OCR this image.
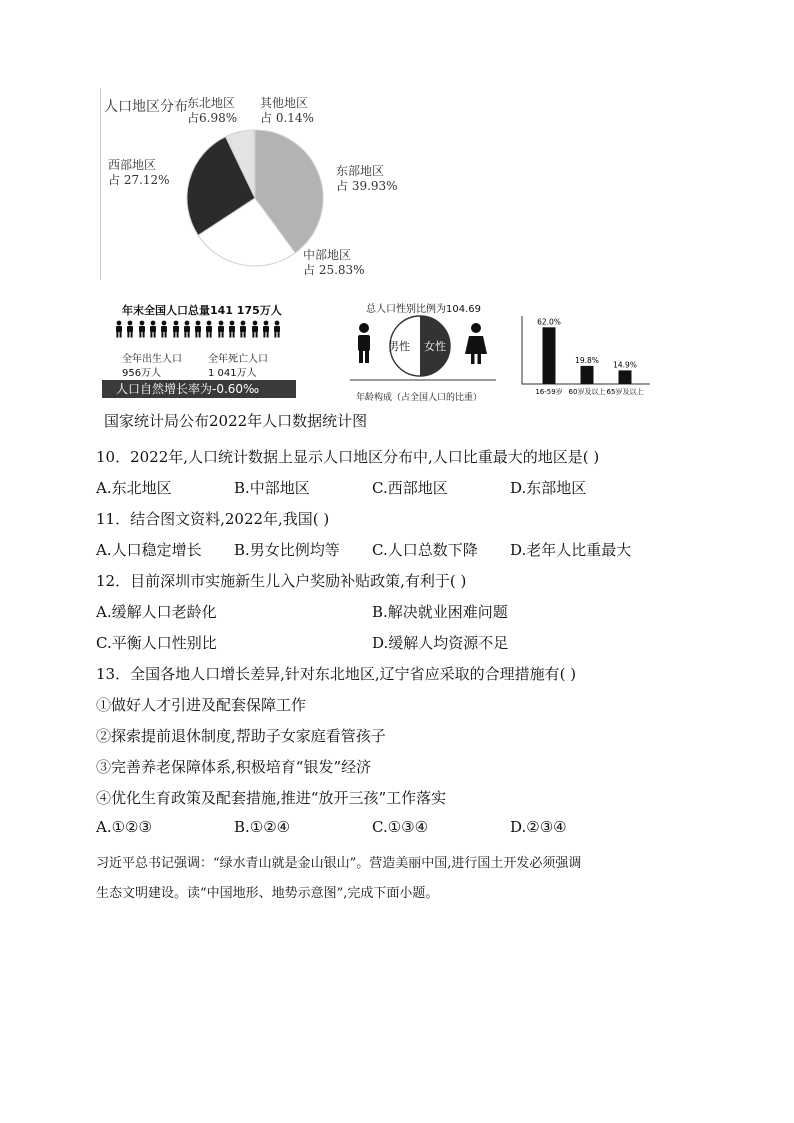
人口地区分布 东北地区
占6.98%
其他地区
占 0.14%
西部地区
占 27.12%
东部地区
占 39.93%
中部地区
占 25.83%
年末全国人口总量141 175万人
全年出生人口
956万人
全年死亡人口
1 041万人
人口自然增长率为-0.60‰
总人口性别比例为104.69
男性 女性
年龄构成（占全国人口的比重）
62.0%
16-59岁
19.8%
60岁及以上
14.9%
65岁及以上
国家统计局公布2022年人口数据统计图
10．2022年,人口统计数据上显示人口地区分布中,人口比重最大的地区是( )
A.东北地区	B.中部地区	C.西部地区	D.东部地区
11．结合图文资料,2022年,我国( )
A.人口稳定增长 B.男女比例均等 C.人口总数下降 D.老年人比重最大
12．目前深圳市实施新生儿入户奖励补贴政策,有利于( )
A.缓解人口老龄化	B.解决就业困难问题
C.平衡人口性别比	D.缓解人均资源不足
13．全国各地人口增长差异,针对东北地区,辽宁省应采取的合理措施有( )
①做好人才引进及配套保障工作
②探索提前退休制度,帮助子女家庭看管孩子
③完善养老保障体系,积极培育“银发”经济
④优化生育政策及配套措施,推进“放开三孩”工作落实
A.①②③	B.①②④	C.①③④	D.②③④
习近平总书记强调：“绿水青山就是金山银山”。营造美丽中国,进行国土开发必须强调
生态文明建设。读“中国地形、地势示意图”,完成下面小题。
